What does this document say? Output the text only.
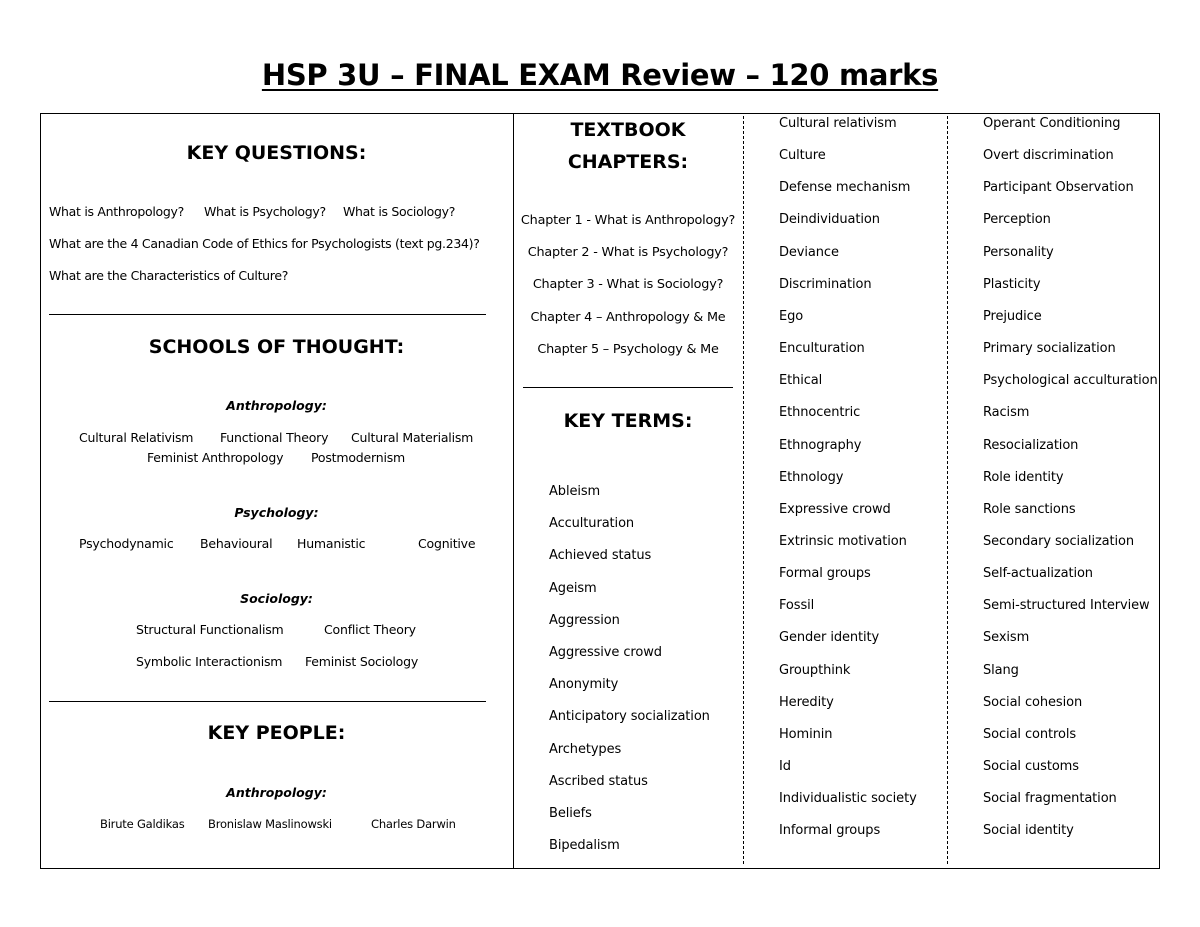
HSP 3U – FINAL EXAM Review – 120 marks
KEY QUESTIONS:
What is Anthropology? What is Psychology? What is Sociology?
What are the 4 Canadian Code of Ethics for Psychologists (text pg.234)?
What are the Characteristics of Culture?
SCHOOLS OF THOUGHT:
Anthropology:
Cultural Relativism Functional Theory Cultural Materialism
Feminist Anthropology Postmodernism
Psychology:
Psychodynamic Behavioural Humanistic	Cognitive
Sociology:
Structural Functionalism	Conflict Theory
Symbolic Interactionism Feminist Sociology
KEY PEOPLE:
Anthropology:
Birute Galdikas Bronislaw Maslinowski	Charles Darwin
TEXTBOOK
CHAPTERS:
Chapter 1 - What is Anthropology?
Chapter 2 - What is Psychology?
Chapter 3 - What is Sociology?
Chapter 4 – Anthropology & Me
Chapter 5 – Psychology & Me
KEY TERMS:
Ableism
Acculturation
Achieved status
Ageism
Aggression
Aggressive crowd
Anonymity
Anticipatory socialization
Archetypes
Ascribed status
Beliefs
Bipedalism
Cultural relativism
Culture
Defense mechanism
Deindividuation
Deviance
Discrimination
Ego
Enculturation
Ethical
Ethnocentric
Ethnography
Ethnology
Expressive crowd
Extrinsic motivation
Formal groups
Fossil
Gender identity
Groupthink
Heredity
Hominin
Id
Individualistic society
Informal groups
Operant Conditioning
Overt discrimination
Participant Observation
Perception
Personality
Plasticity
Prejudice
Primary socialization
Psychological acculturation
Racism
Resocialization
Role identity
Role sanctions
Secondary socialization
Self-actualization
Semi-structured Interview
Sexism
Slang
Social cohesion
Social controls
Social customs
Social fragmentation
Social identity
